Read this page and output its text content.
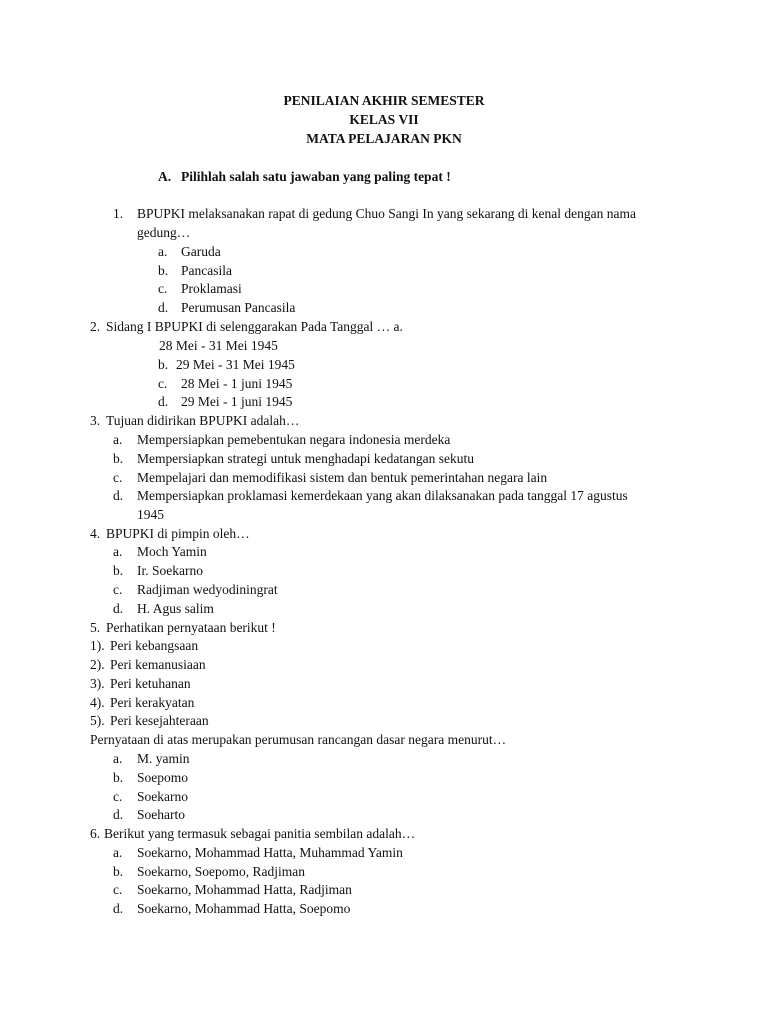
PENILAIAN AKHIR SEMESTER
KELAS VII
MATA PELAJARAN PKN
A. Pilihlah salah satu jawaban yang paling tepat !
1. BPUPKI melaksanakan rapat di gedung Chuo Sangi In yang sekarang di kenal dengan nama
gedung…
a. Garuda
b. Pancasila
c. Proklamasi
d. Perumusan Pancasila
2. Sidang I BPUPKI di selenggarakan Pada Tanggal … a.
28 Mei - 31 Mei 1945
b. 29 Mei - 31 Mei 1945
c. 28 Mei - 1 juni 1945
d. 29 Mei - 1 juni 1945
3. Tujuan didirikan BPUPKI adalah…
a. Mempersiapkan pemebentukan negara indonesia merdeka
b. Mempersiapkan strategi untuk menghadapi kedatangan sekutu
c. Mempelajari dan memodifikasi sistem dan bentuk pemerintahan negara lain
d. Mempersiapkan proklamasi kemerdekaan yang akan dilaksanakan pada tanggal 17 agustus
1945
4. BPUPKI di pimpin oleh…
a. Moch Yamin
b. Ir. Soekarno
c. Radjiman wedyodiningrat
d. H. Agus salim
5. Perhatikan pernyataan berikut !
1). Peri kebangsaan
2). Peri kemanusiaan
3). Peri ketuhanan
4). Peri kerakyatan
5). Peri kesejahteraan
Pernyataan di atas merupakan perumusan rancangan dasar negara menurut…
a. M. yamin
b. Soepomo
c. Soekarno
d. Soeharto
6. Berikut yang termasuk sebagai panitia sembilan adalah…
a. Soekarno, Mohammad Hatta, Muhammad Yamin
b. Soekarno, Soepomo, Radjiman
c. Soekarno, Mohammad Hatta, Radjiman
d. Soekarno, Mohammad Hatta, Soepomo
